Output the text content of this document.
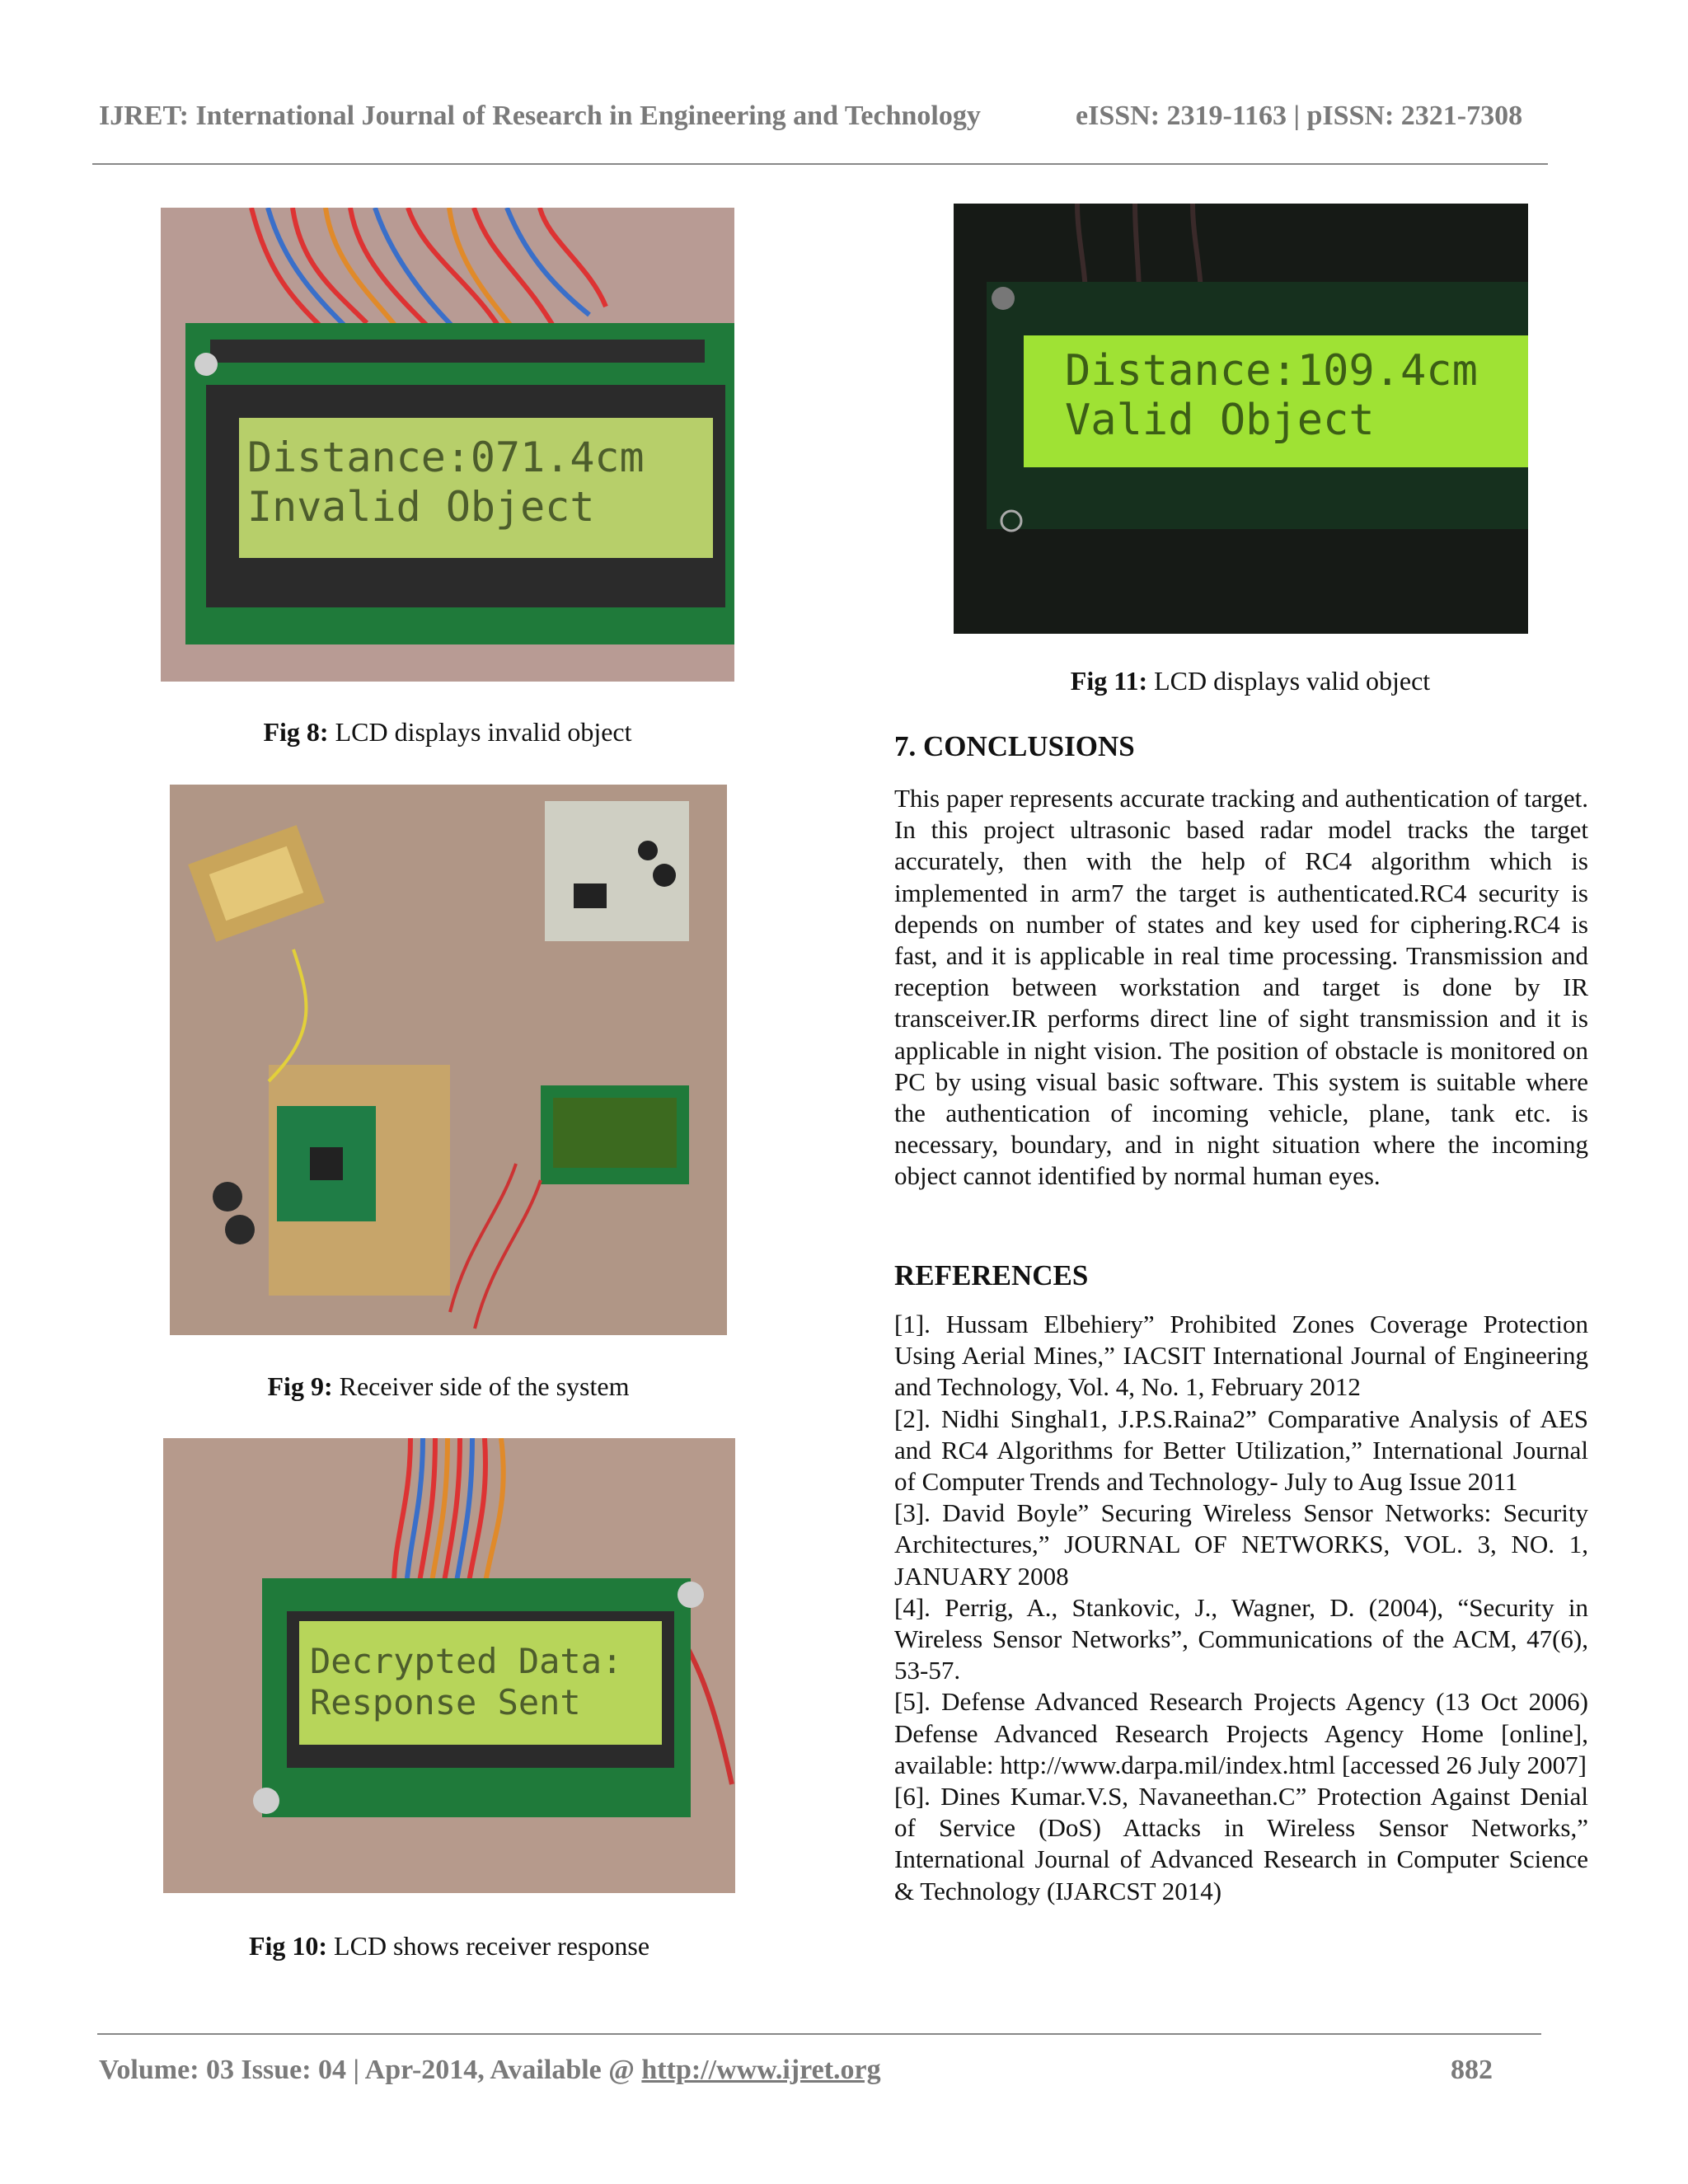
IJRET: International Journal of Research in Engineering and Technology	eISSN: 2319-1163 | pISSN: 2321-7308
Distance:071.4cm
Invalid Object
Fig 8: LCD displays invalid object
Fig 9: Receiver side of the system
Decrypted Data:
Response Sent
Fig 10: LCD shows receiver response
Distance:109.4cm
Valid Object
Fig 11: LCD displays valid object
7. CONCLUSIONS
This paper represents accurate tracking and authentication of target. In this project ultrasonic based radar model tracks the target accurately, then with the help of RC4 algorithm which is implemented in arm7 the target is authenticated.RC4 security is depends on number of states and key used for ciphering.RC4 is fast, and it is applicable in real time processing. Transmission and reception between workstation and target is done by IR transceiver.IR performs direct line of sight transmission and it is applicable in night vision. The position of obstacle is monitored on PC by using visual basic software. This system is suitable where the authentication of incoming vehicle, plane, tank etc. is necessary, boundary, and in night situation where the incoming object cannot identified by normal human eyes.
REFERENCES
[1]. Hussam Elbehiery” Prohibited Zones Coverage Protection Using Aerial Mines,” IACSIT International Journal of Engineering and Technology, Vol. 4, No. 1, February 2012
[2]. Nidhi Singhal1, J.P.S.Raina2” Comparative Analysis of AES and RC4 Algorithms for Better Utilization,” International Journal of Computer Trends and Technology- July to Aug Issue 2011
[3]. David Boyle” Securing Wireless Sensor Networks: Security Architectures,” JOURNAL OF NETWORKS, VOL. 3, NO. 1, JANUARY 2008
[4]. Perrig, A., Stankovic, J., Wagner, D. (2004), “Security in Wireless Sensor Networks”, Communications of the ACM, 47(6), 53-57.
[5]. Defense Advanced Research Projects Agency (13 Oct 2006) Defense Advanced Research Projects Agency Home [online], available: http://www.darpa.mil/index.html [accessed 26 July 2007]
[6]. Dines Kumar.V.S, Navaneethan.C” Protection Against Denial of Service (DoS) Attacks in Wireless Sensor Networks,” International Journal of Advanced Research in Computer Science & Technology (IJARCST 2014)
Volume: 03 Issue: 04 | Apr-2014, Available @ http://www.ijret.org	882
